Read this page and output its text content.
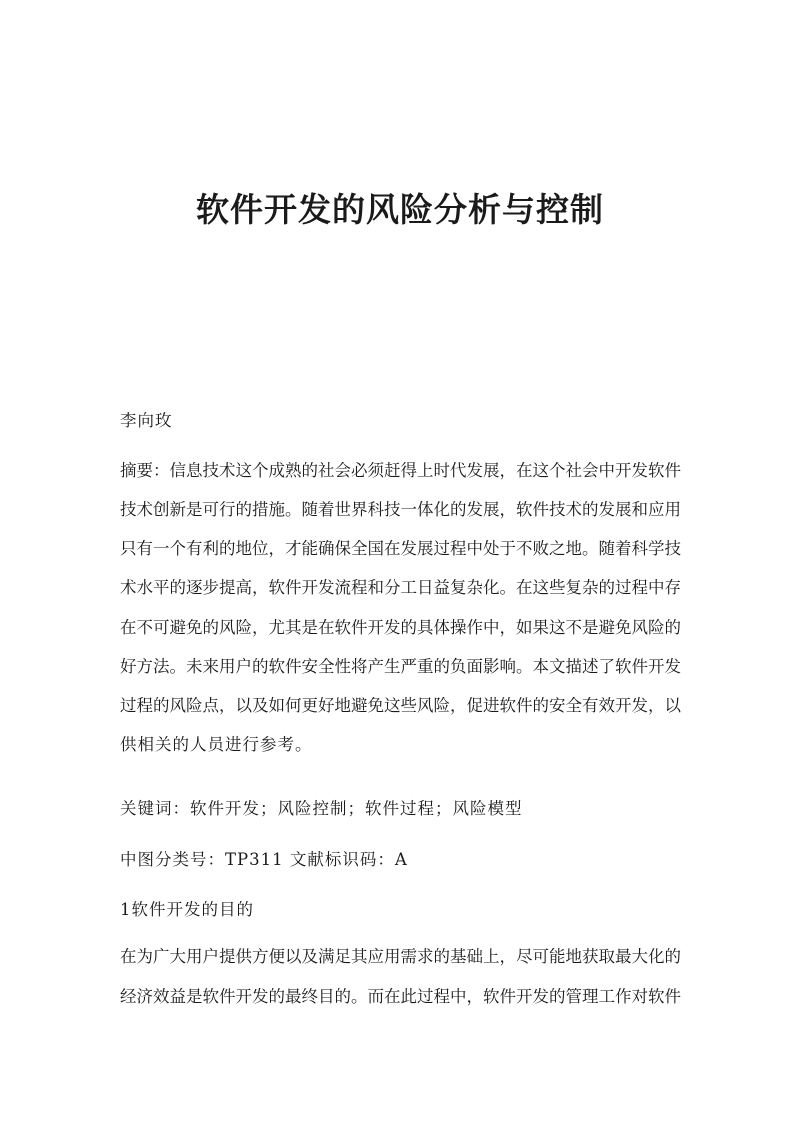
软件开发的风险分析与控制
李向玫
摘要：信息技术这个成熟的社会必须赶得上时代发展，在这个社会中开发软件
技术创新是可行的措施。随着世界科技一体化的发展，软件技术的发展和应用
只有一个有利的地位，才能确保全国在发展过程中处于不败之地。随着科学技
术水平的逐步提高，软件开发流程和分工日益复杂化。在这些复杂的过程中存
在不可避免的风险，尤其是在软件开发的具体操作中，如果这不是避免风险的
好方法。未来用户的软件安全性将产生严重的负面影响。本文描述了软件开发
过程的风险点，以及如何更好地避免这些风险，促进软件的安全有效开发，以
供相关的人员进行参考。
关键词：软件开发；风险控制；软件过程；风险模型
中图分类号：TP311 文献标识码：A
1软件开发的目的
在为广大用户提供方便以及满足其应用需求的基础上，尽可能地获取最大化的
经济效益是软件开发的最终目的。而在此过程中，软件开发的管理工作对软件
